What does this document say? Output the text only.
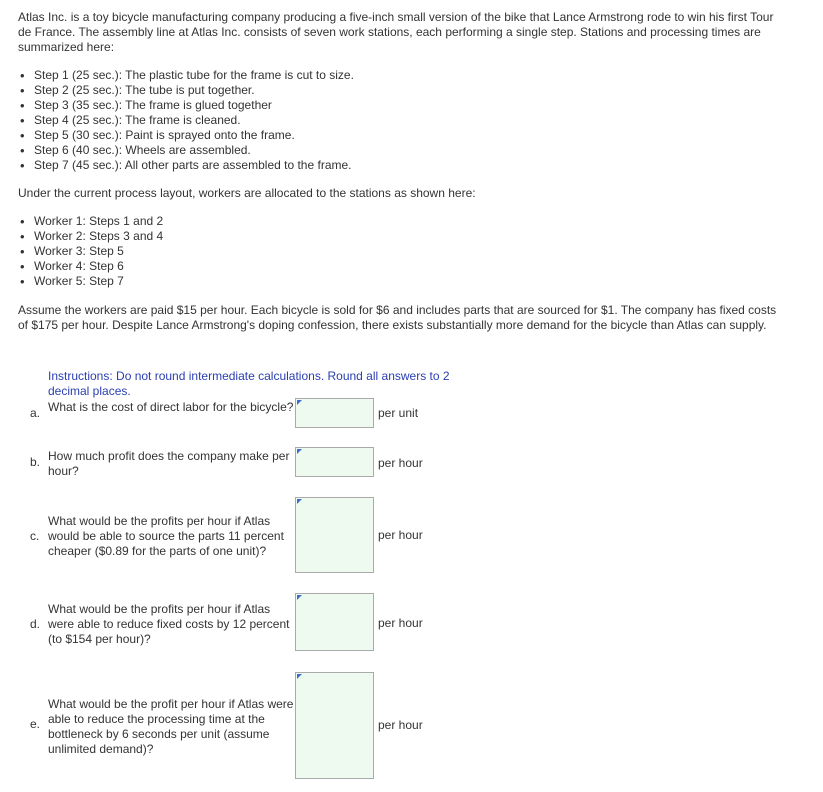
Atlas Inc. is a toy bicycle manufacturing company producing a five-inch small version of the bike that Lance Armstrong rode to win his first Tour de France. The assembly line at Atlas Inc. consists of seven work stations, each performing a single step. Stations and processing times are summarized here:

• Step 1 (25 sec.): The plastic tube for the frame is cut to size.
• Step 2 (25 sec.): The tube is put together.
• Step 3 (35 sec.): The frame is glued together
• Step 4 (25 sec.): The frame is cleaned.
• Step 5 (30 sec.): Paint is sprayed onto the frame.
• Step 6 (40 sec.): Wheels are assembled.
• Step 7 (45 sec.): All other parts are assembled to the frame.

Under the current process layout, workers are allocated to the stations as shown here:

• Worker 1: Steps 1 and 2
• Worker 2: Steps 3 and 4
• Worker 3: Step 5
• Worker 4: Step 6
• Worker 5: Step 7

Assume the workers are paid $15 per hour. Each bicycle is sold for $6 and includes parts that are sourced for $1. The company has fixed costs of $175 per hour. Despite Lance Armstrong's doping confession, there exists substantially more demand for the bicycle than Atlas can supply.

Instructions: Do not round intermediate calculations. Round all answers to 2 decimal places.
a. What is the cost of direct labor for the bicycle?	per unit
b. How much profit does the company make per hour?
per hour
c.
What would be the profits per hour if Atlas would be able to source the parts 11 percent cheaper ($0.89 for the parts of one unit)?
per hour
d.
What would be the profits per hour if Atlas were able to reduce fixed costs by 12 percent (to $154 per hour)?
per hour
e.
What would be the profit per hour if Atlas were able to reduce the processing time at the bottleneck by 6 seconds per unit (assume unlimited demand)?
per hour
